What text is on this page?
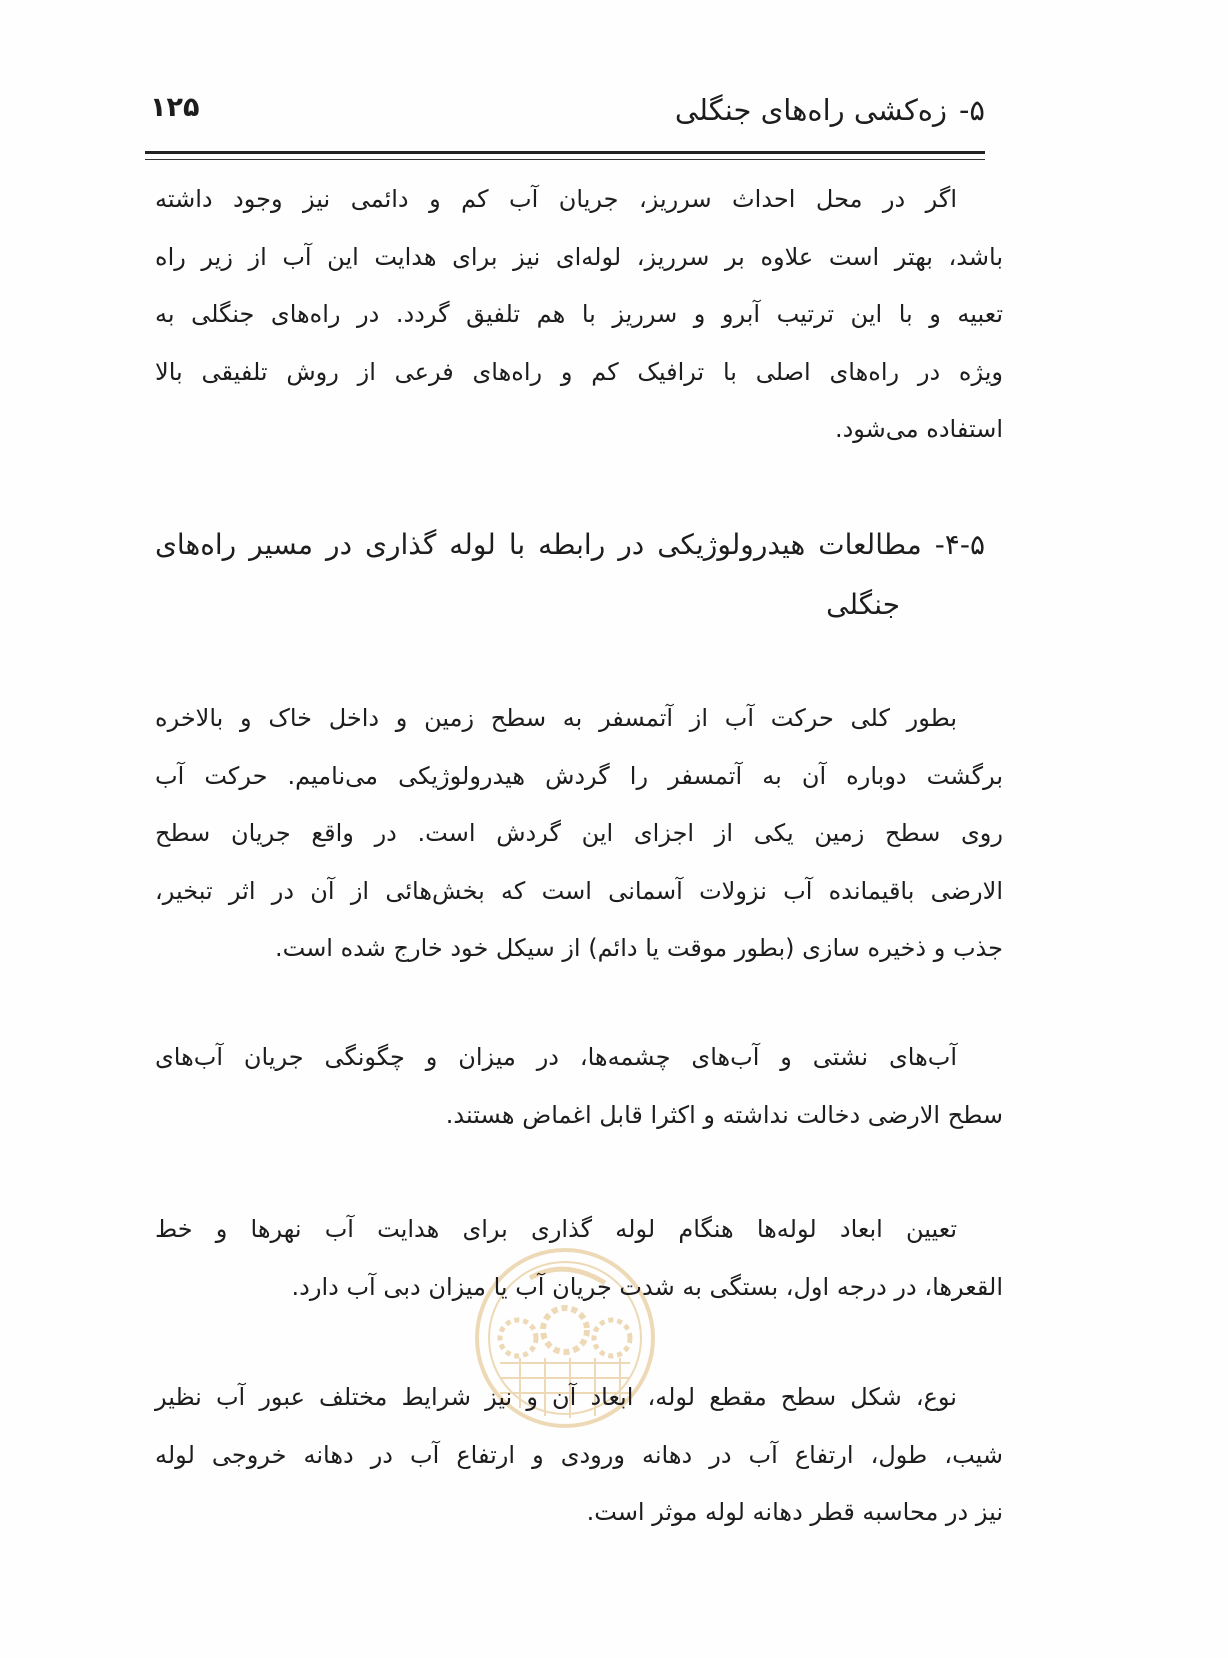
۵-زه‌کشی راه‌های جنگلی
۱۲۵
اگر در محل احداث سرریز، جریان آب کم و دائمی نیز وجود داشته
باشد، بهتر است علاوه بر سرریز، لوله‌ای نیز برای هدایت این آب از زیر راه
تعبیه و با این ترتیب آبرو و سرریز با هم تلفیق گردد. در راه‌های جنگلی به
ویژه در راه‌های اصلی با ترافیک کم و راه‌های فرعی از روش تلفیقی بالا
استفاده می‌شود.
۵-۴- مطالعات هیدرولوژیکی در رابطه با لوله گذاری در مسیر راه‌های
جنگلی
بطور کلی حرکت آب از آتمسفر به سطح زمین و داخل خاک و بالاخره
برگشت دوباره آن به آتمسفر را گردش هیدرولوژیکی می‌نامیم. حرکت آب
روی سطح زمین یکی از اجزای این گردش است. در واقع جریان سطح
الارضی باقیمانده آب نزولات آسمانی است که بخش‌هائی از آن در اثر تبخیر،
جذب و ذخیره سازی (بطور موقت یا دائم) از سیکل خود خارج شده است.
آب‌های نشتی و آب‌های چشمه‌ها، در میزان و چگونگی جریان آب‌های
سطح الارضی دخالت نداشته و اکثرا قابل اغماض هستند.
تعیین ابعاد لوله‌ها هنگام لوله گذاری برای هدایت آب نهرها و خط
القعرها، در درجه اول، بستگی به شدت جریان آب یا میزان دبی آب دارد.
نوع، شکل سطح مقطع لوله، ابعاد آن و نیز شرایط مختلف عبور آب نظیر
شیب، طول، ارتفاع آب در دهانه ورودی و ارتفاع آب در دهانه خروجی لوله
نیز در محاسبه قطر دهانه لوله موثر است.
